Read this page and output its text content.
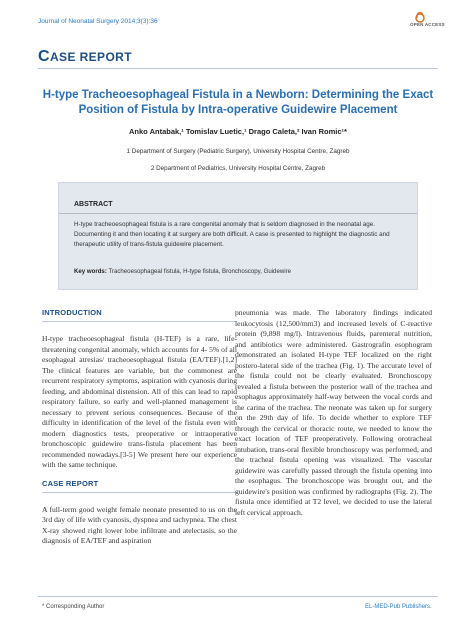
Journal of Neonatal Surgery 2014;3(3):36	OPEN ACCESS
CASE REPORT
H-type Tracheoesophageal Fistula in a Newborn: Determining the Exact
Position of Fistula by Intra-operative Guidewire Placement
Anko Antabak,¹ Tomislav Luetic,¹ Drago Caleta,² Ivan Romic¹*
1 Department of Surgery (Pediatric Surgery), University Hospital Centre, Zagreb
2 Department of Pediatrics, University Hospital Centre, Zagreb
ABSTRACT
H-type tracheoesophageal fistula is a rare congenital anomaly that is seldom diagnosed in the neonatal age. Documenting it and then locating it at surgery are both difficult. A case is presented to highlight the diagnostic and therapeutic utility of trans-fistula guidewire placement.
Key words: Tracheoesophageal fistula, H-type fistula, Bronchoscopy, Guidewire
INTRODUCTION
H-type tracheoesophageal fistula (H-TEF) is a rare, life-threatening congenital anomaly, which accounts for 4- 5% of all esophageal atresias/ tracheoesophageal fistula (EA/TEF).[1,2] The clinical features are variable, but the commonest are recurrent respiratory symptoms, aspiration with cyanosis during feeding, and abdominal distension. All of this can lead to rapid respiratory failure, so early and well-planned management is necessary to prevent serious consequences. Because of the difficulty in identification of the level of the fistula even with modern diagnostics tests, preoperative or intraoperative bronchoscopic guidewire trans-fistula placement has been recommended nowadays.[3-5] We present here our experience with the same technique.
CASE REPORT
A full-term good weight female neonate presented to us on the 3rd day of life with cyanosis, dyspnea and tachypnea. The chest X-ray showed right lower lobe infiltrate and atelectasis, so the diagnosis of EA/TEF and aspiration
pneumonia was made. The laboratory findings indicated leukocytosis (12,500/mm3) and increased levels of C-reactive protein (9,898 mg/l). Intravenous fluids, parenteral nutrition, and antibiotics were administered. Gastrografin esophogram demonstrated an isolated H-type TEF localized on the right postero-lateral side of the trachea (Fig. 1). The accurate level of the fistula could not be clearly evaluated. Bronchoscopy revealed a fistula between the posterior wall of the trachea and esophagus approximately half-way between the vocal cords and the carina of the trachea. The neonate was taken up for surgery on the 29th day of life. To decide whether to explore TEF through the cervical or thoracic route, we needed to know the exact location of TEF preoperatively. Following orotracheal intubation, trans-oral flexible bronchoscopy was performed, and the tracheal fistula opening was visualized. The vascular guidewire was carefully passed through the fistula opening into the esophagus. The bronchoscope was brought out, and the guidewire's position was confirmed by radiographs (Fig. 2). The fistula once identified at T2 level, we decided to use the lateral left cervical approach.
* Corresponding Author	EL-MED-Pub Publishers.
